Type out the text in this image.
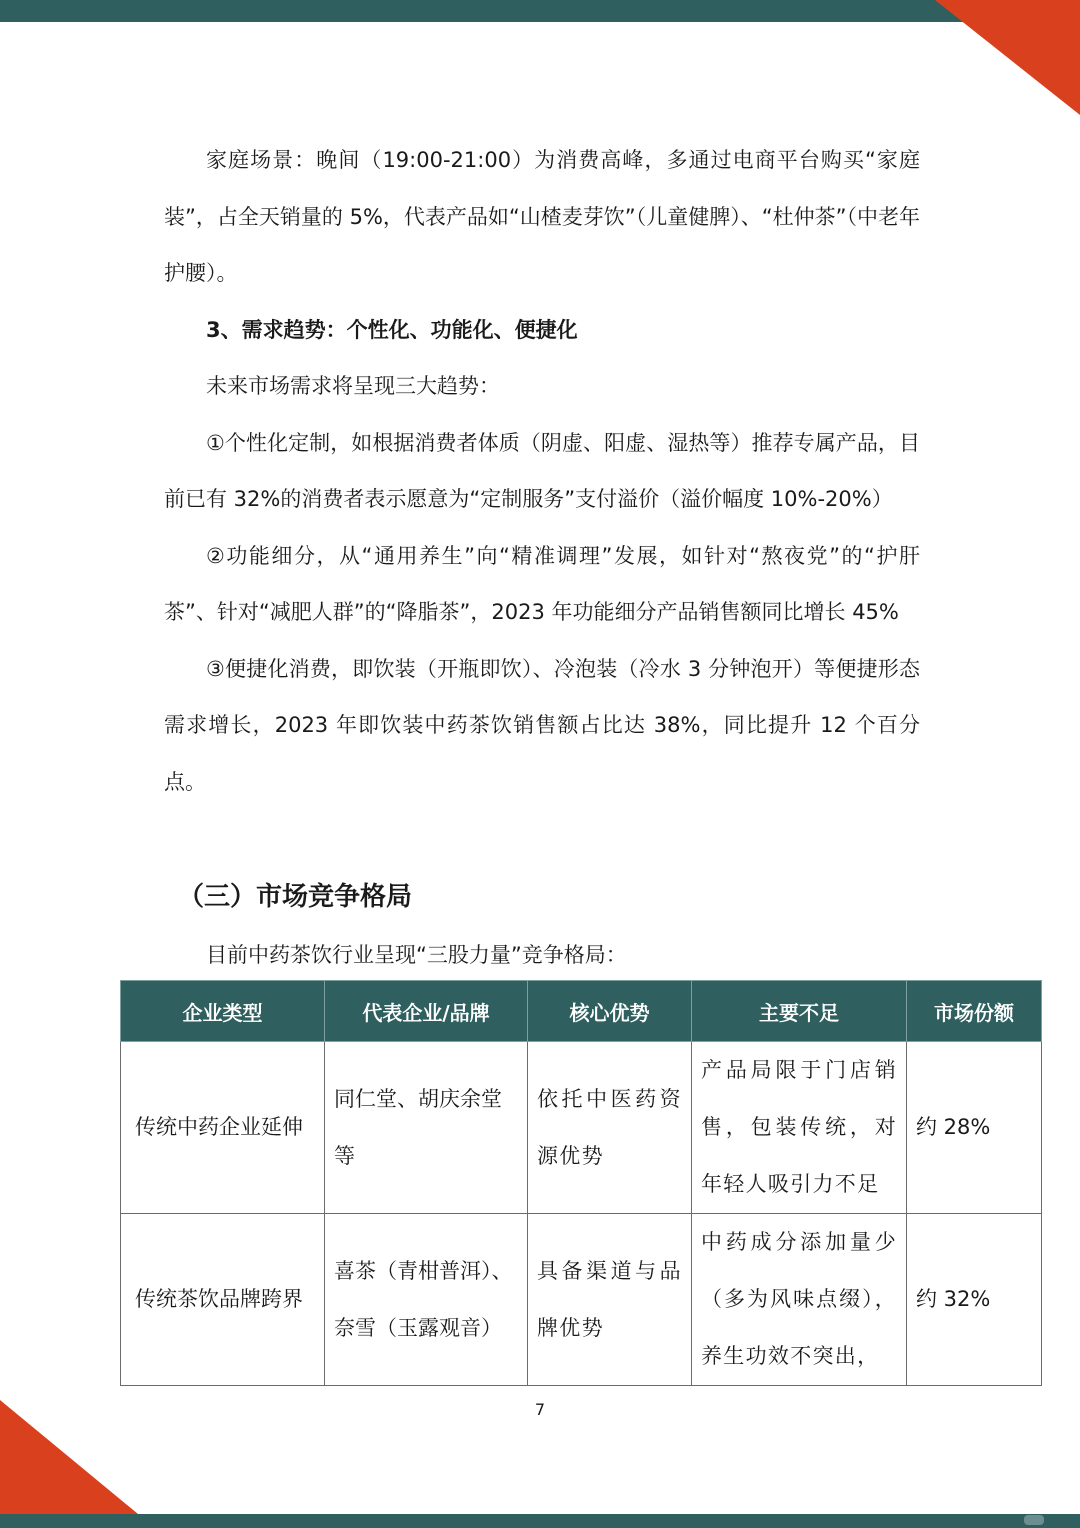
家庭场景：晚间（19:00-21:00）为消费高峰，多通过电商平台购买“家庭装”，占全天销量的 5%，代表产品如“山楂麦芽饮”（儿童健脾）、“杜仲茶”（中老年护腰）。

3、需求趋势：个性化、功能化、便捷化

未来市场需求将呈现三大趋势：

①个性化定制，如根据消费者体质（阴虚、阳虚、湿热等）推荐专属产品，目前已有 32%的消费者表示愿意为“定制服务”支付溢价（溢价幅度 10%-20%）

②功能细分，从“通用养生”向“精准调理”发展，如针对“熬夜党”的“护肝茶”、针对“减肥人群”的“降脂茶”，2023 年功能细分产品销售额同比增长 45%

③便捷化消费，即饮装（开瓶即饮）、冷泡装（冷水 3 分钟泡开）等便捷形态需求增长，2023 年即饮装中药茶饮销售额占比达 38%，同比提升 12 个百分点。

（三）市场竞争格局

目前中药茶饮行业呈现“三股力量”竞争格局：

企业类型	代表企业/品牌	核心优势	主要不足	市场份额
传统中药企业延伸	同仁堂、胡庆余堂等	依托中医药资源优势	产品局限于门店销售，包装传统，对年轻人吸引力不足	约 28%
传统茶饮品牌跨界	喜茶（青柑普洱）、奈雪（玉露观音）	具备渠道与品牌优势	中药成分添加量少（多为风味点缀），养生功效不突出，	约 32%
7
